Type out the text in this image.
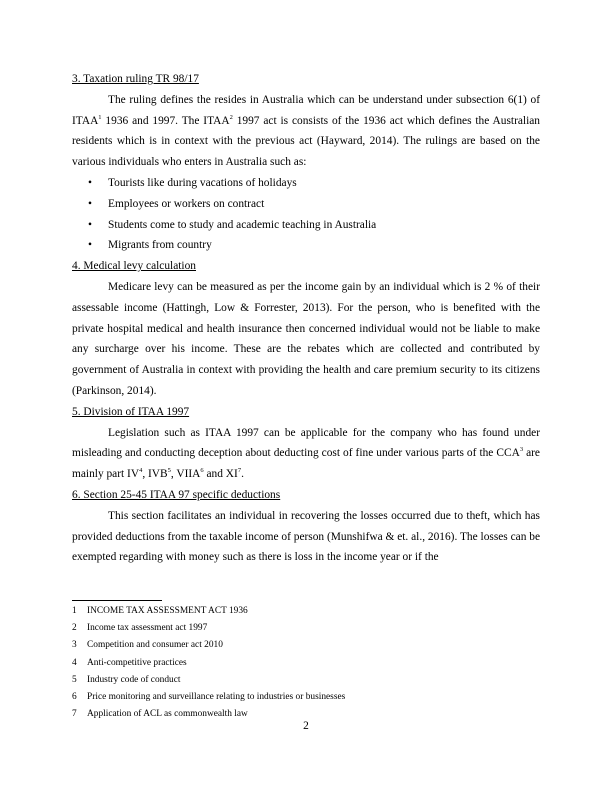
3. Taxation ruling TR 98/17

The ruling defines the resides in Australia which can be understand under subsection 6(1) of ITAA$^1$ 1936 and 1997. The ITAA$^2$ 1997 act is consists of the 1936 act which defines the Australian residents which is in context with the previous act (Hayward, 2014). The rulings are based on the various individuals who enters in Australia such as:

• Tourists like during vacations of holidays
• Employees or workers on contract
• Students come to study and academic teaching in Australia
• Migrants from country
4. Medical levy calculation

Medicare levy can be measured as per the income gain by an individual which is 2 % of their assessable income (Hattingh, Low & Forrester, 2013). For the person, who is benefited with the private hospital medical and health insurance then concerned individual would not be liable to make any surcharge over his income. These are the rebates which are collected and contributed by government of Australia in context with providing the health and care premium security to its citizens (Parkinson, 2014).

5. Division of ITAA 1997

Legislation such as ITAA 1997 can be applicable for the company who has found under misleading and conducting deception about deducting cost of fine under various parts of the CCA$^3$ are mainly part $IV^4$, IVB$^5$, VIIA$^6$ and $XI^7$.

6. Section 25-45 ITAA 97 specific deductions

This section facilitates an individual in recovering the losses occurred due to theft, which has provided deductions from the taxable income of person (Munshifwa & et. al., 2016). The losses can be exempted regarding with money such as there is loss in the income year or if the

1 INCOME TAX ASSESSMENT ACT 1936
2 Income tax assessment act 1997
3 Competition and consumer act 2010
4 Anti-competitive practices
5 Industry code of conduct
6 Price monitoring and surveillance relating to industries or businesses
7 Application of ACL as commonwealth law
2
